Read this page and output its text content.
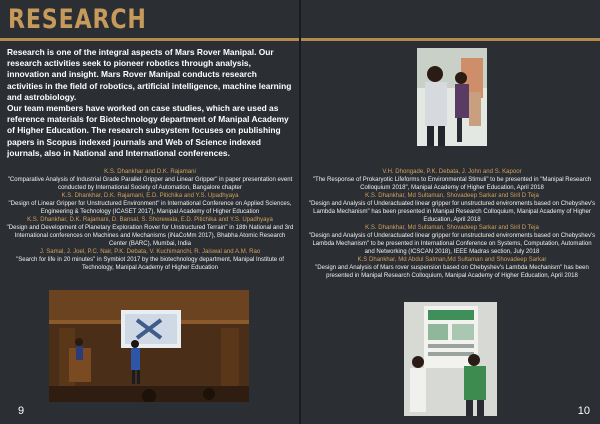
RESEARCH

Research is one of the integral aspects of Mars Rover Manipal. Our research activities seek to pioneer robotics through analysis, innovation and insight. Mars Rover Manipal conducts research activities in the field of robotics, artificial intelligence, machine learning and astrobiology.

Our team members have worked on case studies, which are used as reference materials for Biotechnology department of Manipal Academy of Higher Education. The research subsystem focuses on publishing papers in Scopus indexed journals and Web of Science indexed journals, also in National and International conferences.

K.S. Dhankhar and D.K. Rajamani
"Comparative Analysis of Industrial Grade Parallel Gripper and Linear Gripper" in paper presentation event conducted by International Society of Automation, Bangalore chapter
K.S. Dhankhar, D.K. Rajamani, E.D. Pitichika and Y.S. Upadhyaya
"Design of Linear Gripper for Unstructured Environment" in International Conference on Applied Sciences, Engineering & Technology (ICASET 2017), Manipal Academy of Higher Education
K.S. Dhankhar, D.K. Rajamani, D. Bansal, S. Shorewala, E.D. Pitichika and Y.S. Upadhyaya
"Design and Development of Planetary Exploration Rover for Unstructured Terrain" in 18th National and 3rd International conferences on Machines and Mechanisms (iNaCoMm 2017), Bhabha Atomic Research Center (BARC), Mumbai, India
J. Samal, J. Joel, P.C. Nair, P.K. Debata, V. Kuchimanchi, R. Jaiswal and A.M. Rao
"Search for life in 20 minutes" in Symbiot 2017 by the biotechnology department, Manipal Institute of Technology, Manipal Academy of Higher Education
9
V.H. Dhongade, P.K. Debata, J. John and S. Kapoor
"The Response of Prokaryotic Lifeforms to Environmental Stimuli" to be presented in "Manipal Research Colloquium 2018", Manipal Academy of Higher Education, April 2018
K.S. Dhankhar, Md Sultaman, Shovadeep Sarkar and Siril D Teja
"Design and Analysis of Underactuated linear gripper for unstructured environments based on Chebyshev's Lambda Mechanism" has been presented in Manipal Research Colloquium, Manipal Academy of Higher Education, April 2018
K.S. Dhankhar, Md Sultaman, Shovadeep Sarkar and Siril D Teja
"Design and Analysis of Underactuated linear gripper for unstructured environments based on Chebyshev's Lambda Mechanism" to be presented in International Conference on Systems, Computation, Automation and Networking (ICSCAN 2018), IEEE Madras section, July 2018
K.S Dhankhar, Md Abdul Salman,Md Sultaman and Shovadeep Sarkar
"Design and Analysis of Mars rover suspension based on Chebyshev's Lambda Mechanism" has been presented in Manipal Research Colloquium, Manipal Academy of Higher Education, April 2018
10
